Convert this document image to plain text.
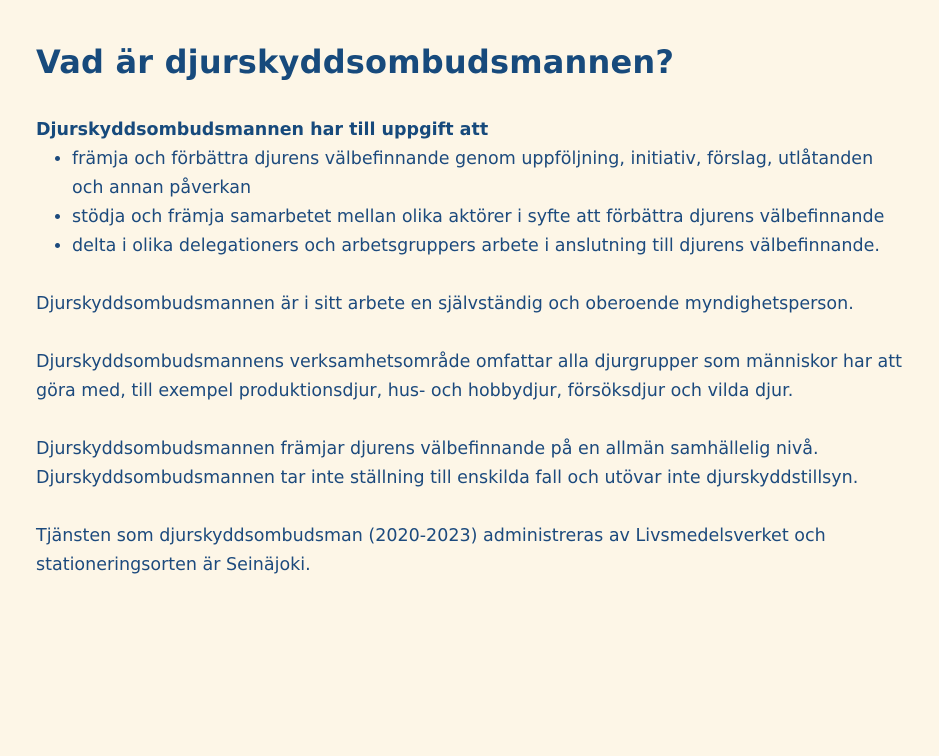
Vad är djurskyddsombudsmannen?

Djurskyddsombudsmannen har till uppgift att

• främja och förbättra djurens välbefinnande genom uppföljning, initiativ, förslag, utlåtanden och annan påverkan
• stödja och främja samarbetet mellan olika aktörer i syfte att förbättra djurens välbefinnande
• delta i olika delegationers och arbetsgruppers arbete i anslutning till djurens välbefinnande.

Djurskyddsombudsmannen är i sitt arbete en självständig och oberoende myndighetsperson.

Djurskyddsombudsmannens verksamhetsområde omfattar alla djurgrupper som människor har att göra med, till exempel produktionsdjur, hus- och hobbydjur, försöksdjur och vilda djur.

Djurskyddsombudsmannen främjar djurens välbefinnande på en allmän samhällelig nivå. Djurskyddsombudsmannen tar inte ställning till enskilda fall och utövar inte djurskyddstillsyn.

Tjänsten som djurskyddsombudsman (2020-2023) administreras av Livsmedelsverket och stationeringsorten är Seinäjoki.
